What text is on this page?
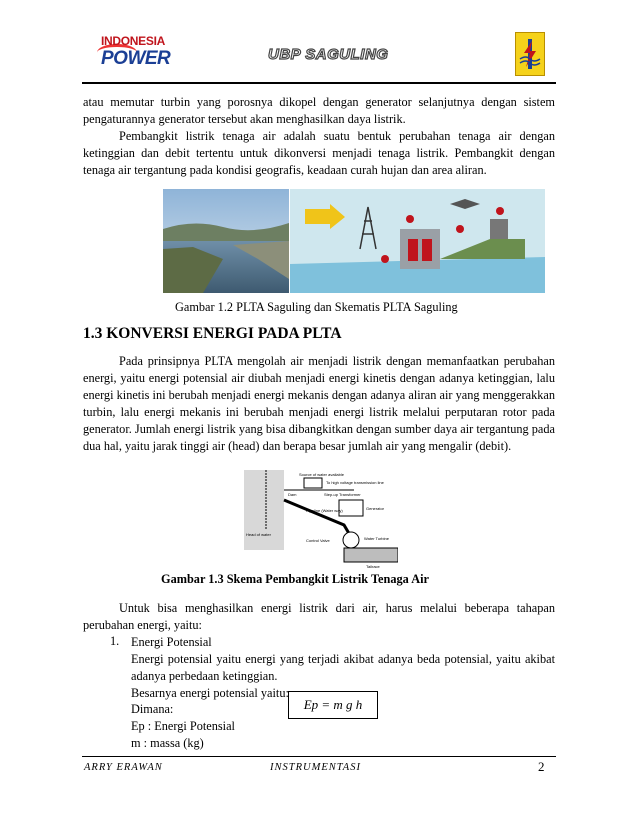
INDONESIA
POWER	UBP SAGULING

atau memutar turbin yang porosnya dikopel dengan generator selanjutnya dengan sistem pengaturannya generator tersebut akan menghasilkan daya listrik.

Pembangkit listrik tenaga air adalah suatu bentuk perubahan tenaga air dengan ketinggian dan debit tertentu untuk dikonversi menjadi tenaga listrik. Pembangkit dengan tenaga air tergantung pada kondisi geografis, keadaan curah hujan dan area aliran.

Gambar 1.2 PLTA Saguling dan Skematis PLTA Saguling
1.3 KONVERSI ENERGI PADA PLTA

Pada prinsipnya PLTA mengolah air menjadi listrik dengan memanfaatkan perubahan energi, yaitu energi potensial air diubah menjadi energi kinetis dengan adanya ketinggian, lalu energi kinetis ini berubah menjadi energi mekanis dengan adanya aliran air yang menggerakkan turbin, lalu energi mekanis ini berubah menjadi energi listrik melalui perputaran rotor pada generator. Jumlah energi listrik yang bisa dibangkitkan dengan sumber daya air tergantung pada dua hal, yaitu jarak tinggi air (head) dan berapa besar jumlah air yang mengalir (debit).

Source of water available
To high voltage transmission line
Dam	Step-up Transformer
Head of water
Pipeline (Water way)	Generator
Control Valve	Water Turbine
Tailrace
Gambar 1.3 Skema Pembangkit Listrik Tenaga Air

Untuk bisa menghasilkan energi listrik dari air, harus melalui beberapa tahapan perubahan energi, yaitu:

1. Energi Potensial

Energi potensial yaitu energi yang terjadi akibat adanya beda potensial, yaitu akibat adanya perbedaan ketinggian.

Besarnya energi potensial yaitu:

Ep = m g h

Dimana:

Ep : Energi Potensial

m : massa (kg)

ARRY ERAWAN	INSTRUMENTASI	2
